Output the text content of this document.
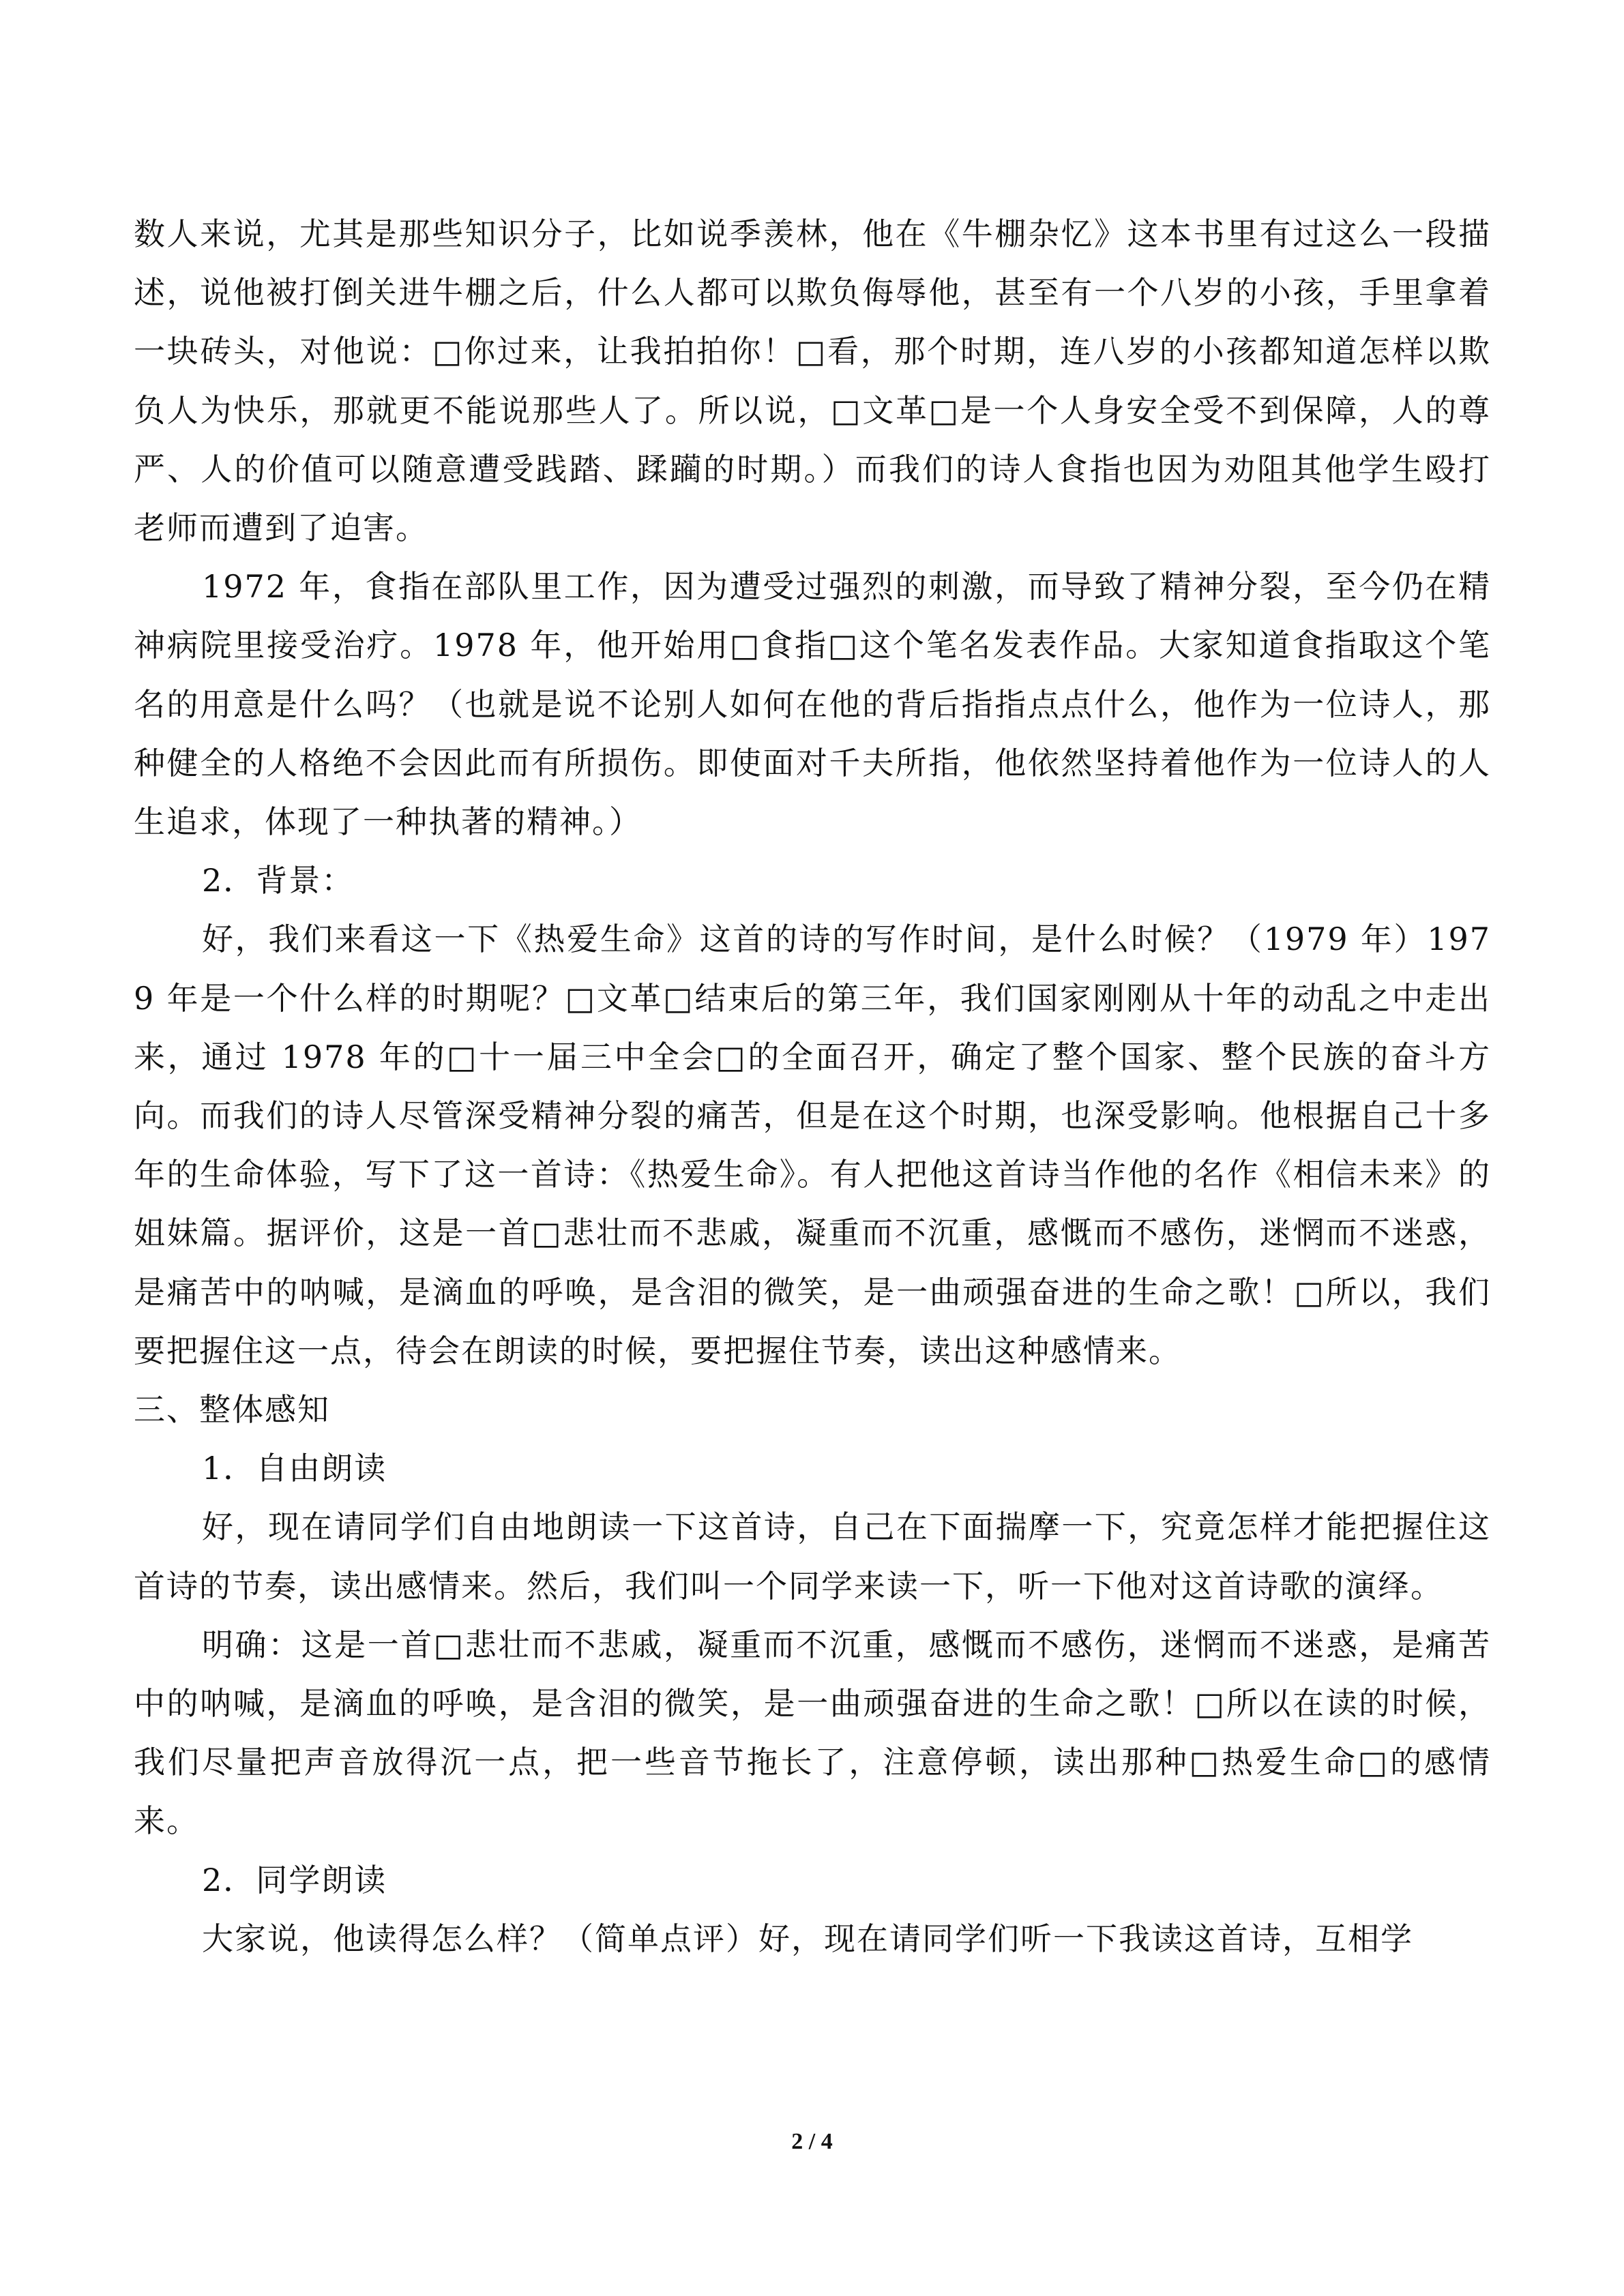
数人来说，尤其是那些知识分子，比如说季羡林，他在《牛棚杂忆》这本书里有过这么一段描述，说他被打倒关进牛棚之后，什么人都可以欺负侮辱他，甚至有一个八岁的小孩，手里拿着一块砖头，对他说：□你过来，让我拍拍你！□看，那个时期，连八岁的小孩都知道怎样以欺负人为快乐，那就更不能说那些人了。所以说，□文革□是一个人身安全受不到保障，人的尊严、人的价值可以随意遭受践踏、蹂躏的时期。）而我们的诗人食指也因为劝阻其他学生殴打老师而遭到了迫害。

1972 年，食指在部队里工作，因为遭受过强烈的刺激，而导致了精神分裂，至今仍在精神病院里接受治疗。1978 年，他开始用□食指□这个笔名发表作品。大家知道食指取这个笔名的用意是什么吗？（也就是说不论别人如何在他的背后指指点点什么，他作为一位诗人，那种健全的人格绝不会因此而有所损伤。即使面对千夫所指，他依然坚持着他作为一位诗人的人生追求，体现了一种执著的精神。）

2．背景：

好，我们来看这一下《热爱生命》这首的诗的写作时间，是什么时候？（1979 年）1979 年是一个什么样的时期呢？□文革□结束后的第三年，我们国家刚刚从十年的动乱之中走出来，通过 1978 年的□十一届三中全会□的全面召开，确定了整个国家、整个民族的奋斗方向。而我们的诗人尽管深受精神分裂的痛苦，但是在这个时期，也深受影响。他根据自己十多年的生命体验，写下了这一首诗：《热爱生命》。有人把他这首诗当作他的名作《相信未来》的姐妹篇。据评价，这是一首□悲壮而不悲戚，凝重而不沉重，感慨而不感伤，迷惘而不迷惑，是痛苦中的呐喊，是滴血的呼唤，是含泪的微笑，是一曲顽强奋进的生命之歌！□所以，我们要把握住这一点，待会在朗读的时候，要把握住节奏，读出这种感情来。

三、整体感知

1．自由朗读

好，现在请同学们自由地朗读一下这首诗，自己在下面揣摩一下，究竟怎样才能把握住这首诗的节奏，读出感情来。然后，我们叫一个同学来读一下，听一下他对这首诗歌的演绎。

明确：这是一首□悲壮而不悲戚，凝重而不沉重，感慨而不感伤，迷惘而不迷惑，是痛苦中的呐喊，是滴血的呼唤，是含泪的微笑，是一曲顽强奋进的生命之歌！□所以在读的时候，我们尽量把声音放得沉一点，把一些音节拖长了，注意停顿，读出那种□热爱生命□的感情来。

2．同学朗读

大家说，他读得怎么样？（简单点评）好，现在请同学们听一下我读这首诗，互相学

2 / 4
